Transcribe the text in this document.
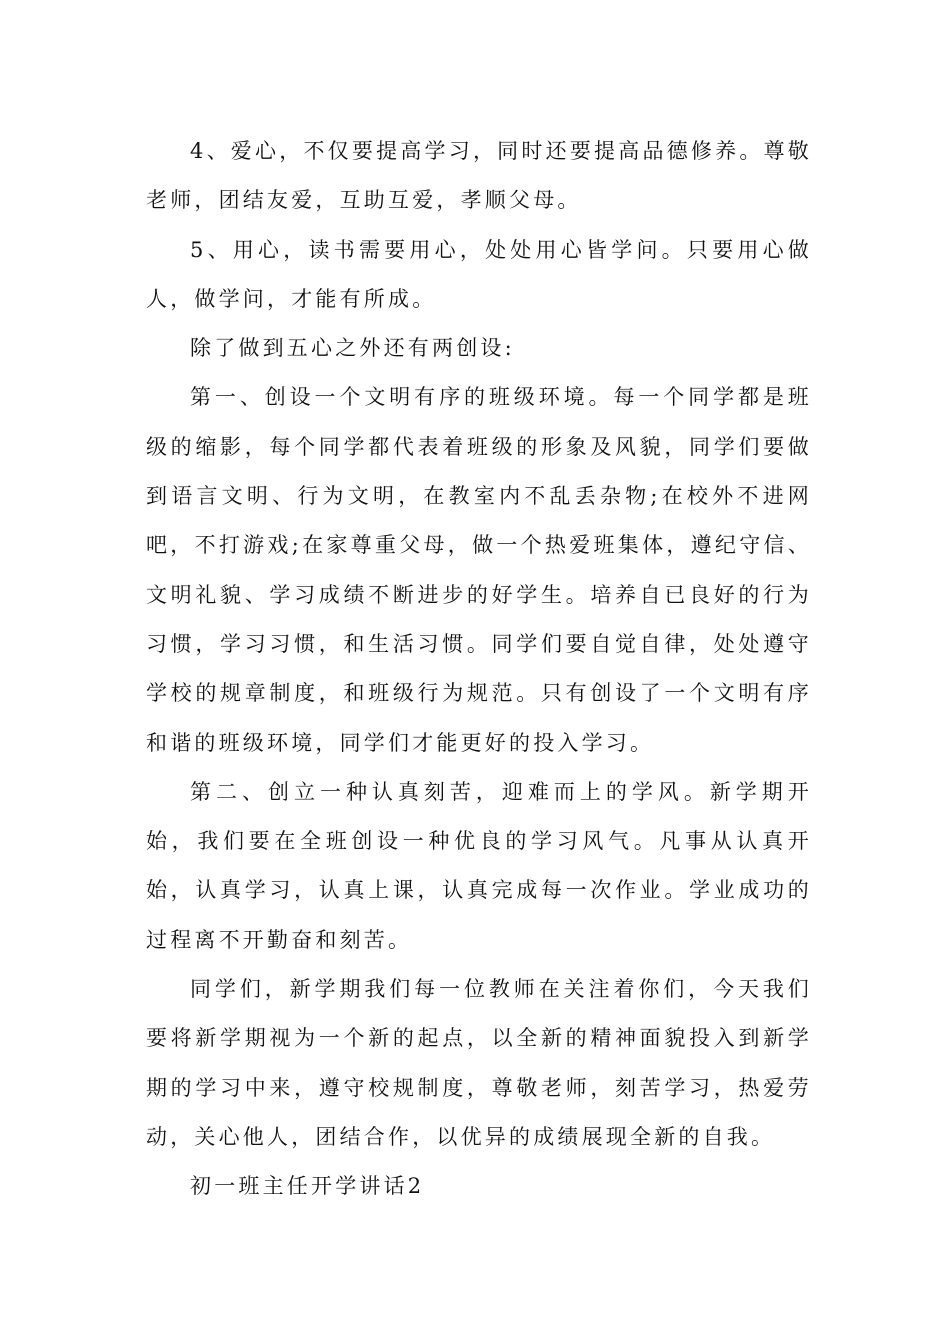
4、爱心，不仅要提高学习，同时还要提高品德修养。尊敬老师，团结友爱，互助互爱，孝顺父母。

5、用心，读书需要用心，处处用心皆学问。只要用心做人，做学问，才能有所成。

除了做到五心之外还有两创设:

第一、创设一个文明有序的班级环境。每一个同学都是班级的缩影，每个同学都代表着班级的形象及风貌，同学们要做到语言文明、行为文明，在教室内不乱丢杂物;在校外不进网吧，不打游戏;在家尊重父母，做一个热爱班集体，遵纪守信、文明礼貌、学习成绩不断进步的好学生。培养自已良好的行为习惯，学习习惯，和生活习惯。同学们要自觉自律，处处遵守学校的规章制度，和班级行为规范。只有创设了一个文明有序和谐的班级环境，同学们才能更好的投入学习。

第二、创立一种认真刻苦，迎难而上的学风。新学期开始，我们要在全班创设一种优良的学习风气。凡事从认真开始，认真学习，认真上课，认真完成每一次作业。学业成功的过程离不开勤奋和刻苦。

同学们，新学期我们每一位教师在关注着你们，今天我们要将新学期视为一个新的起点，以全新的精神面貌投入到新学期的学习中来，遵守校规制度，尊敬老师，刻苦学习，热爱劳动，关心他人，团结合作，以优异的成绩展现全新的自我。

初一班主任开学讲话2
